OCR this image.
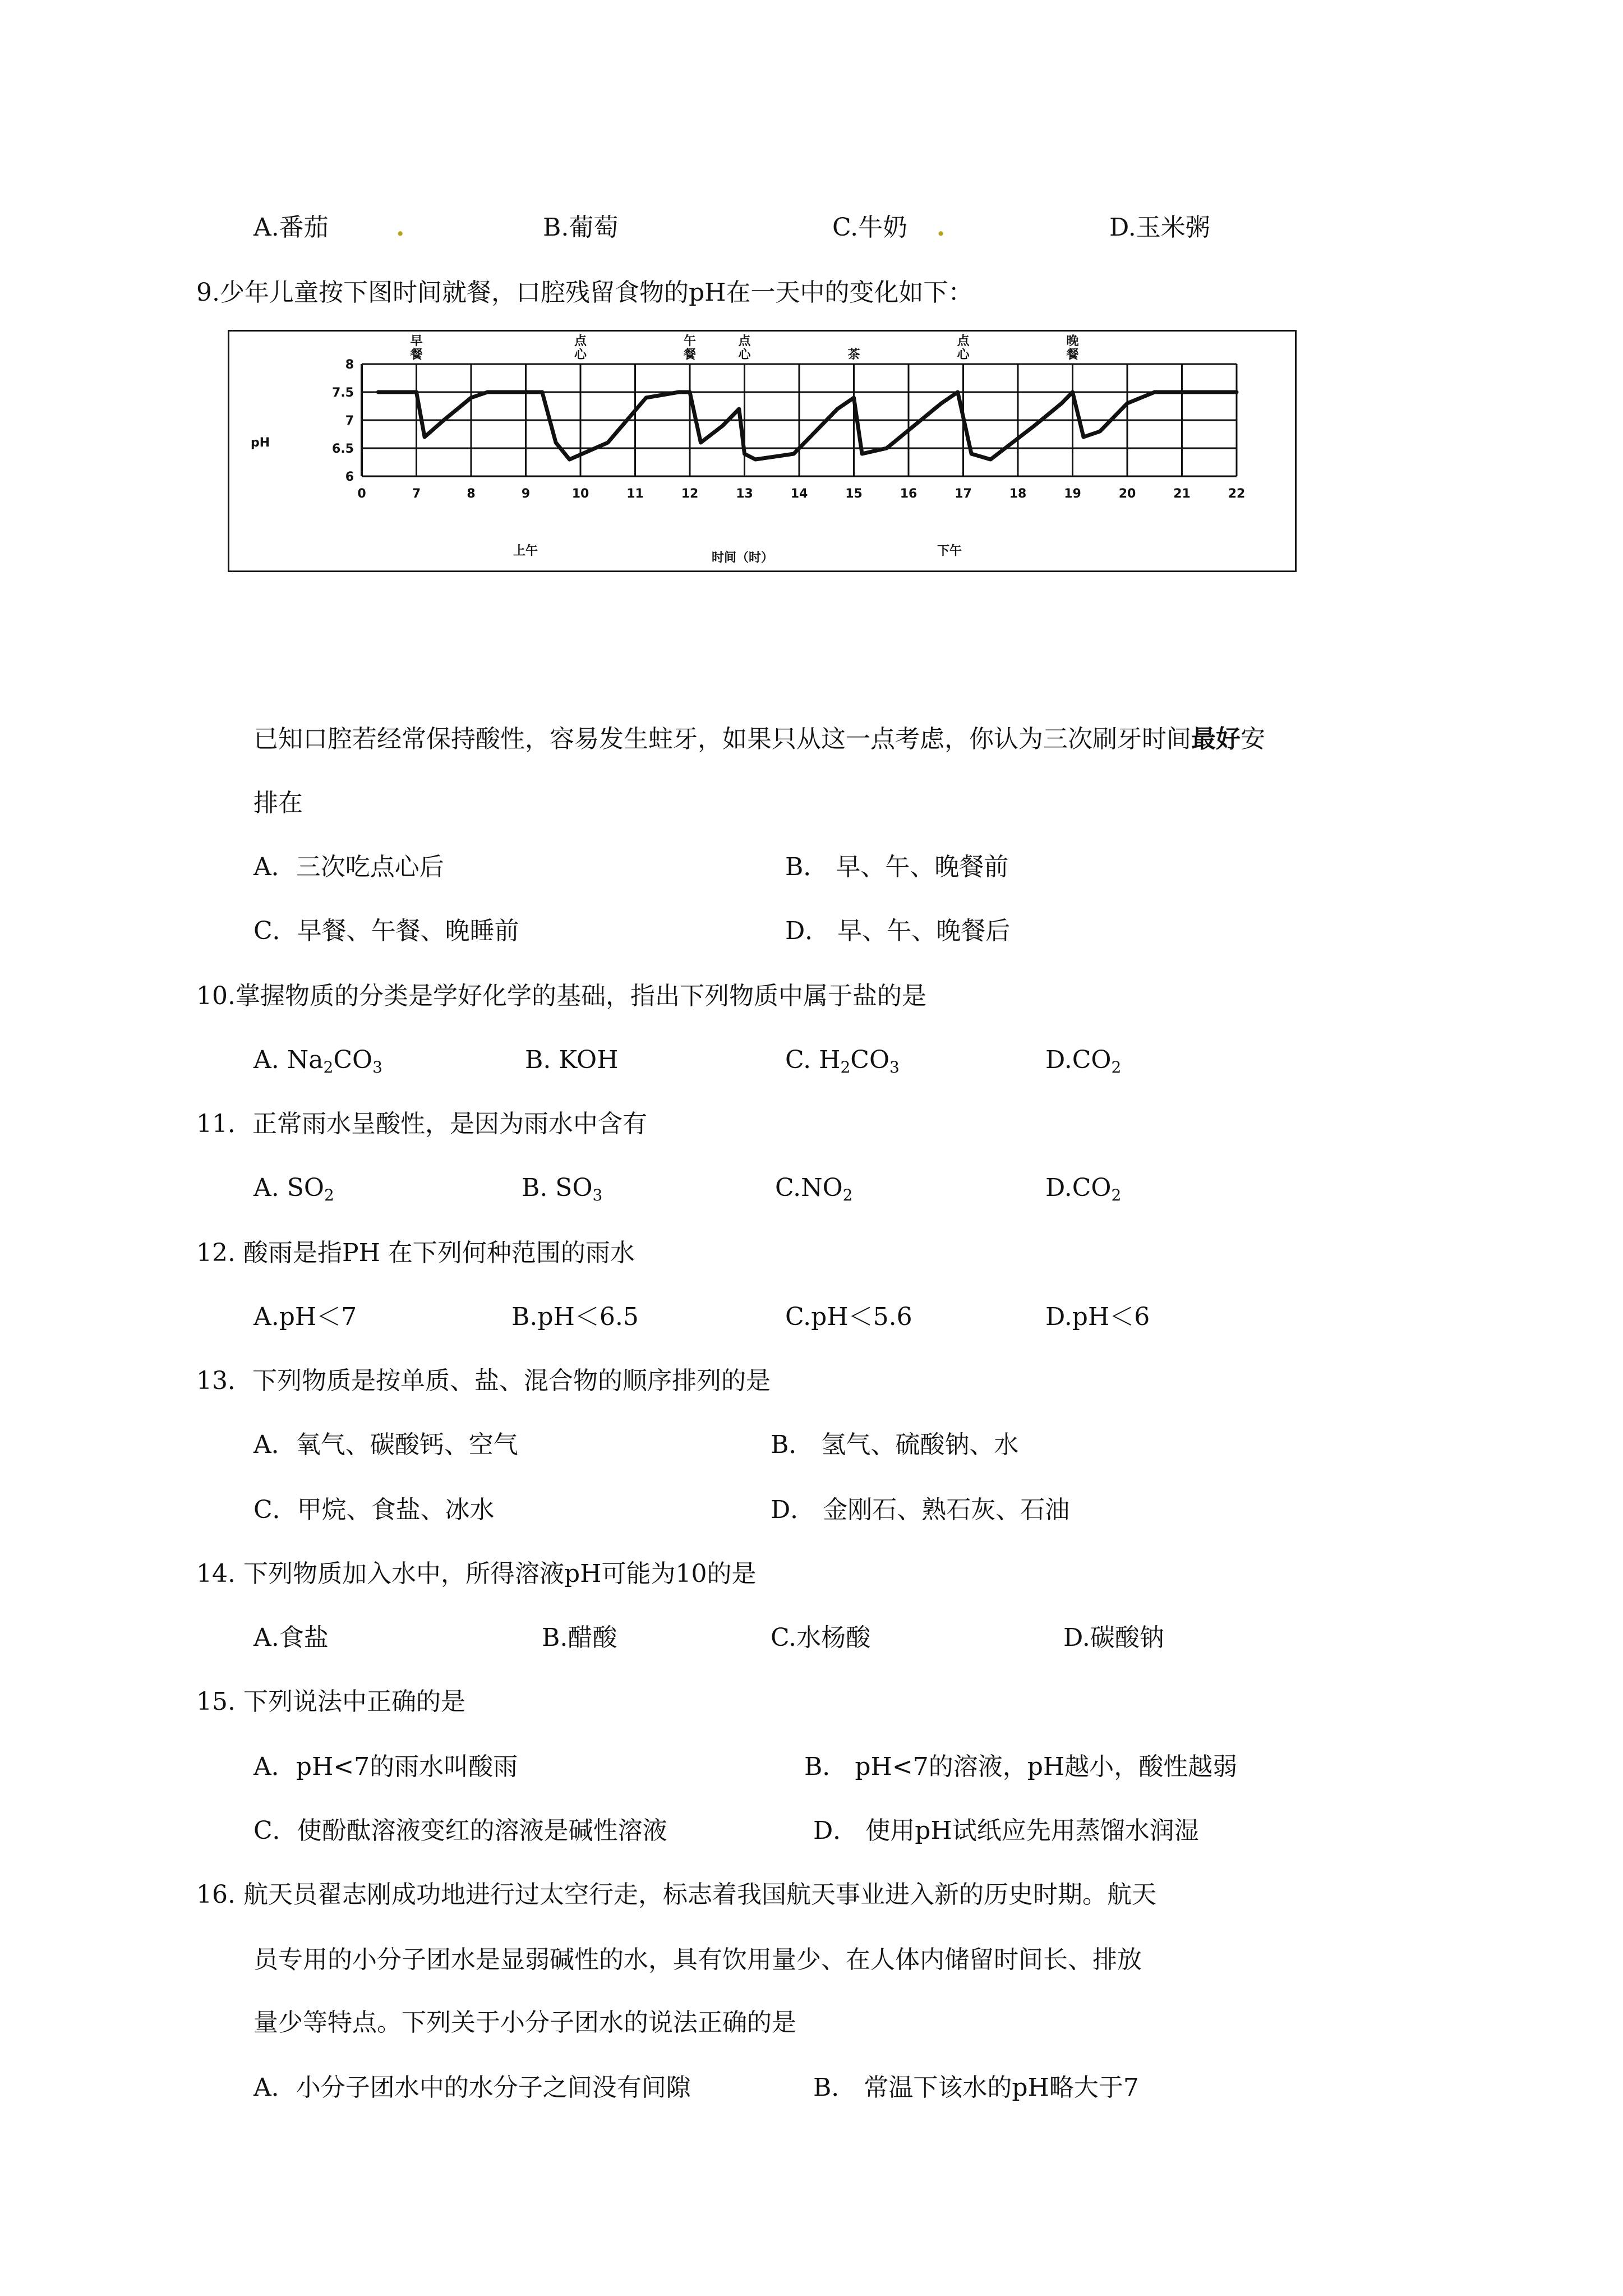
A.番茄	.	B.葡萄	C.牛奶 .	D.玉米粥
9.少年儿童按下图时间就餐，口腔残留食物的pH在一天中的变化如下：
早餐
点心
午餐
点心	茶
点心
晚餐
8
7.5
7
6.5
6
0	7	8	9	10	11	12	13	14	15	16	17	18	19	20	21	22
pH
上午	下午
时间（时）
已知口腔若经常保持酸性，容易发生蛀牙，如果只从这一点考虑，你认为三次刷牙时间最好安
排在
A．三次吃点心后	B． 早、午、晚餐前
C．早餐、午餐、晚睡前	D． 早、午、晚餐后
10.掌握物质的分类是学好化学的基础，指出下列物质中属于盐的是
A. $Na_2CO_3$	B. KOH	C. $H_2CO_3$	$D.CO_2$
11．正常雨水呈酸性，是因为雨水中含有
A. $SO_2$	B. $SO_3$	$C.NO_2$	$D.CO_2$
12. 酸雨是指PH 在下列何种范围的雨水
A.pH＜7	B.pH＜6.5	C.pH＜5.6	D.pH＜6
13．下列物质是按单质、盐、混合物的顺序排列的是
A．氧气、碳酸钙、空气	B． 氢气、硫酸钠、水
C．甲烷、食盐、冰水	D． 金刚石、熟石灰、石油
14. 下列物质加入水中，所得溶液pH可能为10的是
A.食盐	B.醋酸	C.水杨酸	D.碳酸钠
15. 下列说法中正确的是
A．pH<7的雨水叫酸雨	B． pH<7的溶液，pH越小，酸性越弱
C．使酚酞溶液变红的溶液是碱性溶液	D． 使用pH试纸应先用蒸馏水润湿
16. 航天员翟志刚成功地进行过太空行走，标志着我国航天事业进入新的历史时期。航天
员专用的小分子团水是显弱碱性的水，具有饮用量少、在人体内储留时间长、排放
量少等特点。下列关于小分子团水的说法正确的是
A．小分子团水中的水分子之间没有间隙	B． 常温下该水的pH略大于7
